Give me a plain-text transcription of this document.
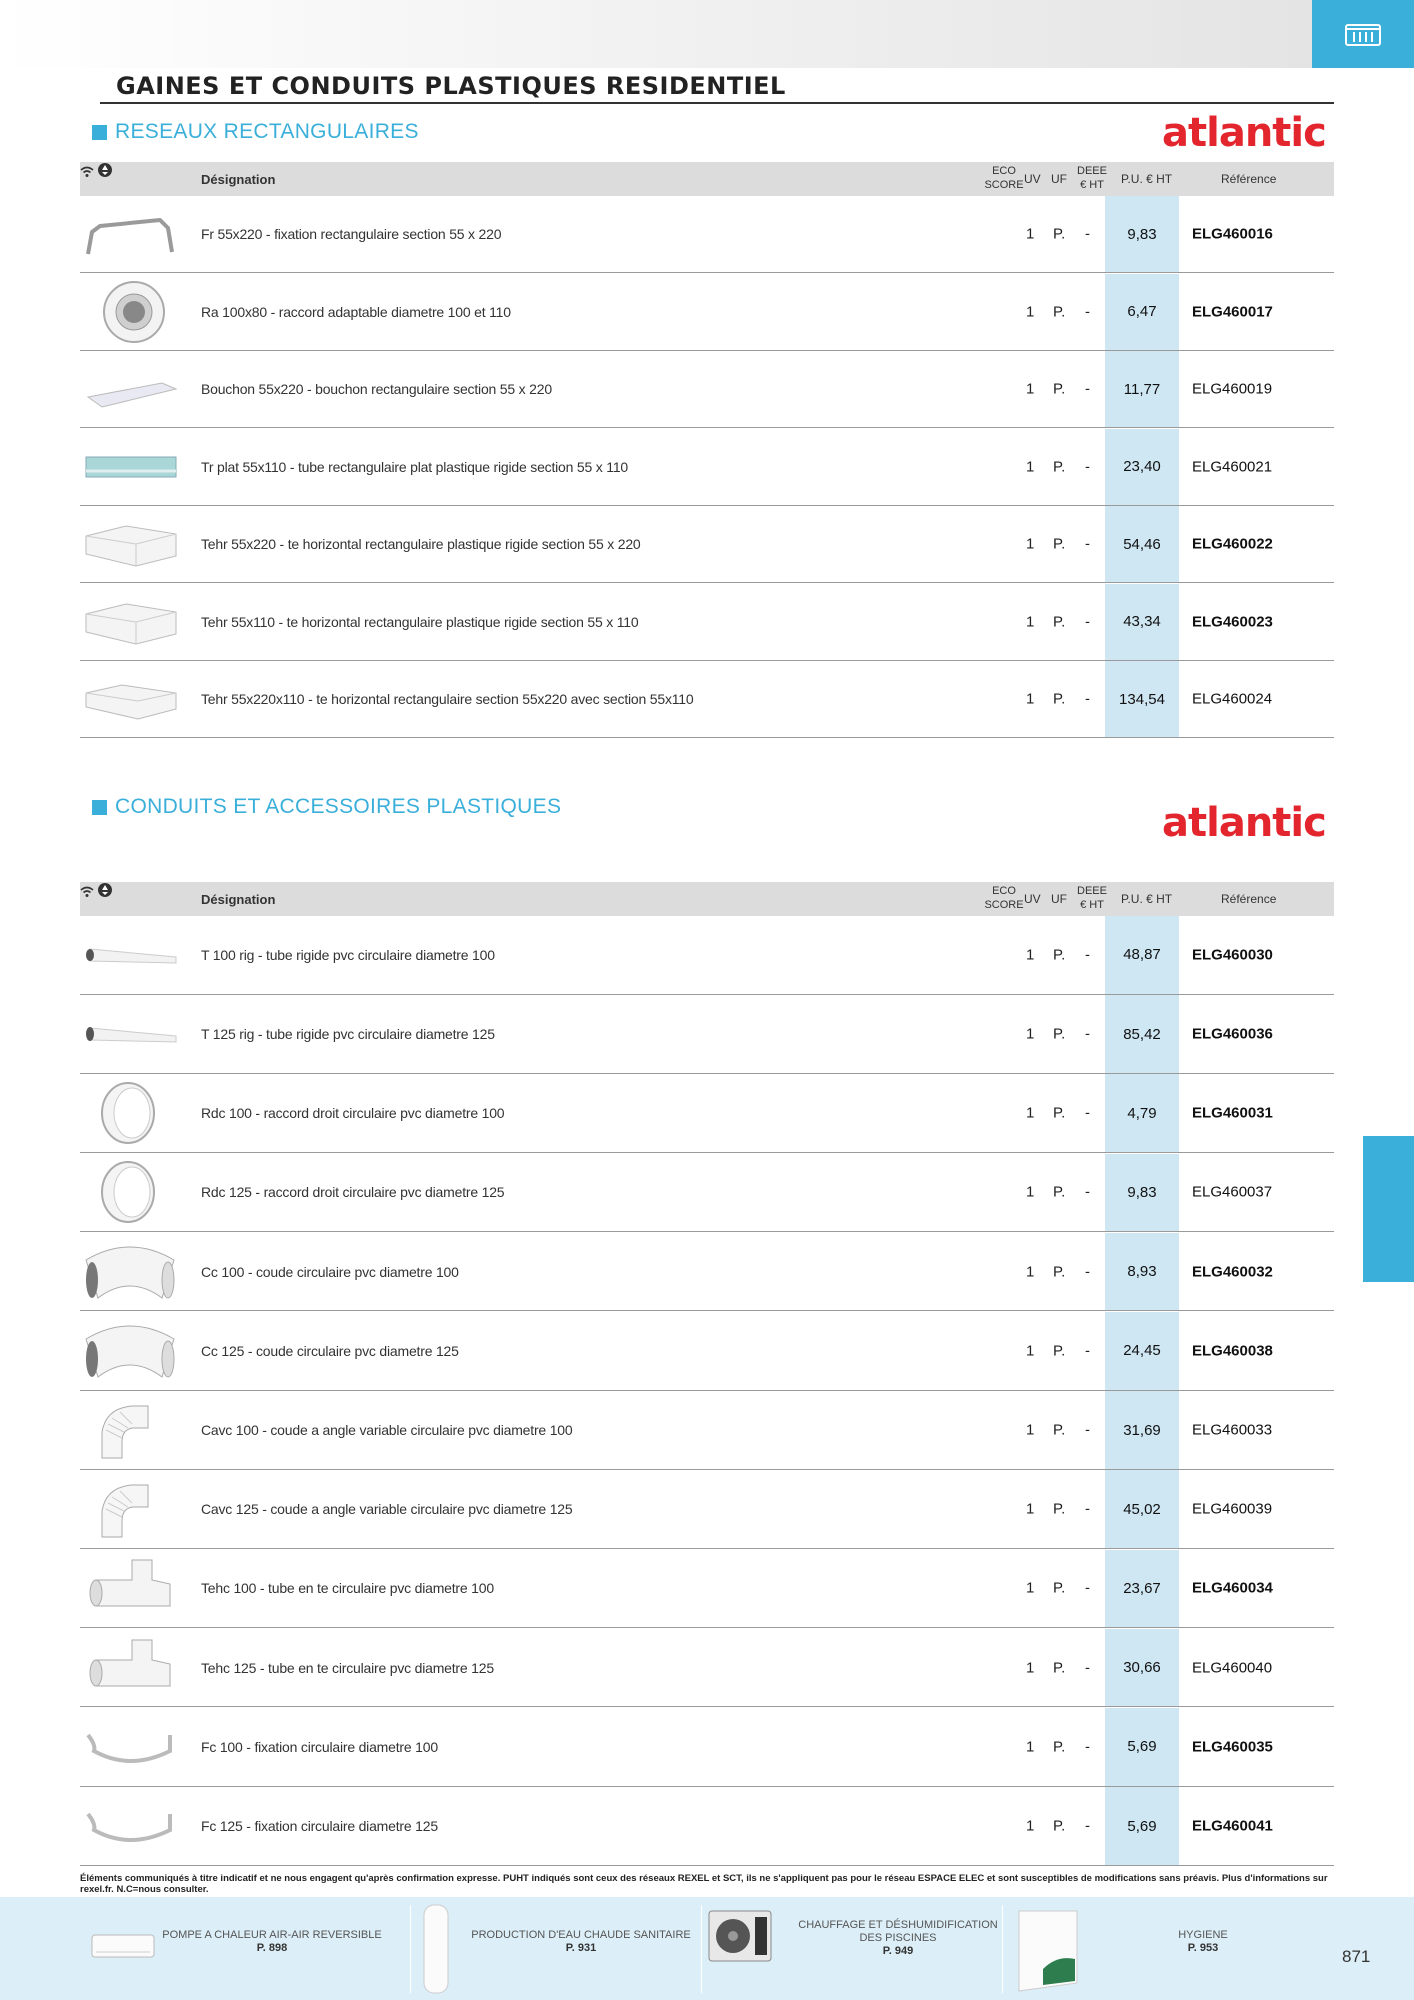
GAINES ET CONDUITS PLASTIQUES RESIDENTIEL
RESEAUX RECTANGULAIRES	atlantic
Désignation

ECO
SCORE UV UF
DEEE
€ HT	P.U. € HT	Référence
Fr 55x220 - fixation rectangulaire section 55 x 220	1 P. -	9,83	ELG460016
Ra 100x80 - raccord adaptable diametre 100 et 110	1 P. -	6,47	ELG460017
Bouchon 55x220 - bouchon rectangulaire section 55 x 220	1 P. -	11,77	ELG460019
Tr plat 55x110 - tube rectangulaire plat plastique rigide section 55 x 110	1 P. -	23,40	ELG460021
Tehr 55x220 - te horizontal rectangulaire plastique rigide section 55 x 220	1 P. -	54,46	ELG460022
Tehr 55x110 - te horizontal rectangulaire plastique rigide section 55 x 110	1 P. -	43,34	ELG460023
Tehr 55x220x110 - te horizontal rectangulaire section 55x220 avec section 55x110	1 P. -	134,54	ELG460024
CONDUITS ET ACCESSOIRES PLASTIQUES	atlantic
Désignation

ECO
SCORE UV UF
DEEE
€ HT	P.U. € HT	Référence
T 100 rig - tube rigide pvc circulaire diametre 100	1 P. -	48,87	ELG460030
T 125 rig - tube rigide pvc circulaire diametre 125	1 P. -	85,42	ELG460036
Rdc 100 - raccord droit circulaire pvc diametre 100	1 P. -	4,79	ELG460031
Rdc 125 - raccord droit circulaire pvc diametre 125	1 P. -	9,83	ELG460037
Cc 100 - coude circulaire pvc diametre 100	1 P. -	8,93	ELG460032
Cc 125 - coude circulaire pvc diametre 125	1 P. -	24,45	ELG460038
Cavc 100 - coude a angle variable circulaire pvc diametre 100	1 P. -	31,69	ELG460033
Cavc 125 - coude a angle variable circulaire pvc diametre 125	1 P. -	45,02	ELG460039
Tehc 100 - tube en te circulaire pvc diametre 100	1 P. -	23,67	ELG460034
Tehc 125 - tube en te circulaire pvc diametre 125	1 P. -	30,66	ELG460040
Fc 100 - fixation circulaire diametre 100	1 P. -	5,69	ELG460035
Fc 125 - fixation circulaire diametre 125	1 P. -	5,69	ELG460041
Éléments communiqués à titre indicatif et ne nous engagent qu'après confirmation expresse. PUHT indiqués sont ceux des réseaux REXEL et SCT, ils ne s'appliquent pas pour le réseau ESPACE ELEC et sont susceptibles de modifications sans préavis. Plus d'informations sur rexel.fr. N.C=nous consulter.
POMPE A CHALEUR AIR-AIR REVERSIBLE
P. 898
PRODUCTION D'EAU CHAUDE SANITAIRE
P. 931
CHAUFFAGE ET DÉSHUMIDIFICATION
DES PISCINES
P. 949
HYGIENE
P. 953	871
